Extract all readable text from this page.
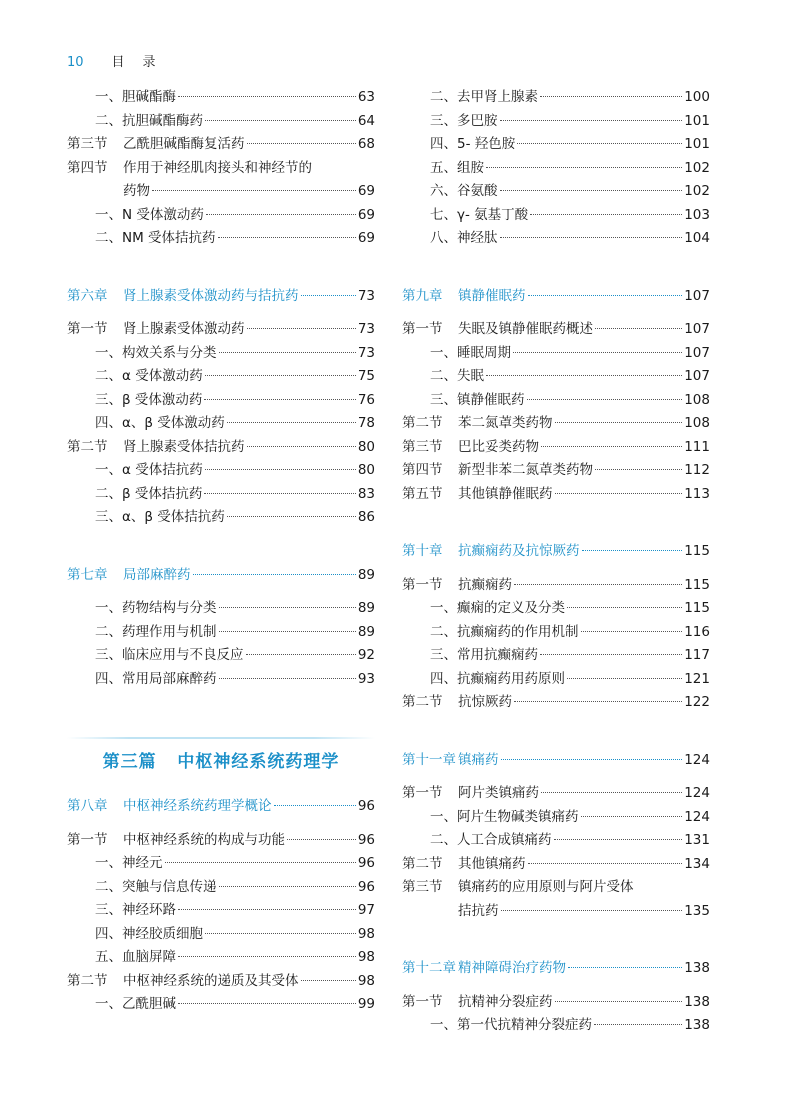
10 目录
一、胆碱酯酶	63
二、抗胆碱酯酶药	64
第三节	乙酰胆碱酯酶复活药	68
第四节	作用于神经肌肉接头和神经节的
药物	69
一、N 受体激动药	69
二、NM 受体拮抗药	69
第六章	肾上腺素受体激动药与拮抗药	73
第一节	肾上腺素受体激动药	73
一、构效关系与分类	73
二、α 受体激动药	75
三、β 受体激动药	76
四、α、β 受体激动药	78
第二节	肾上腺素受体拮抗药	80
一、α 受体拮抗药	80
二、β 受体拮抗药	83
三、α、β 受体拮抗药	86
第七章	局部麻醉药	89
一、药物结构与分类	89
二、药理作用与机制	89
三、临床应用与不良反应	92
四、常用局部麻醉药	93
第三篇 中枢神经系统药理学
第八章	中枢神经系统药理学概论	96
第一节	中枢神经系统的构成与功能	96
一、神经元	96
二、突触与信息传递	96
三、神经环路	97
四、神经胶质细胞	98
五、血脑屏障	98
第二节	中枢神经系统的递质及其受体	98
一、乙酰胆碱	99
二、去甲肾上腺素	100
三、多巴胺	101
四、5- 羟色胺	101
五、组胺	102
六、谷氨酸	102
七、γ- 氨基丁酸	103
八、神经肽	104
第九章	镇静催眠药	107
第一节	失眠及镇静催眠药概述	107
一、睡眠周期	107
二、失眠	107
三、镇静催眠药	108
第二节	苯二氮䓬类药物	108
第三节	巴比妥类药物	111
第四节	新型非苯二氮䓬类药物	112
第五节	其他镇静催眠药	113
第十章	抗癫痫药及抗惊厥药	115
第一节	抗癫痫药	115
一、癫痫的定义及分类	115
二、抗癫痫药的作用机制	116
三、常用抗癫痫药	117
四、抗癫痫药用药原则	121
第二节	抗惊厥药	122
第十一章 镇痛药	124
第一节	阿片类镇痛药	124
一、阿片生物碱类镇痛药	124
二、人工合成镇痛药	131
第二节	其他镇痛药	134
第三节	镇痛药的应用原则与阿片受体
拮抗药	135
第十二章 精神障碍治疗药物	138
第一节	抗精神分裂症药	138
一、第一代抗精神分裂症药	138
